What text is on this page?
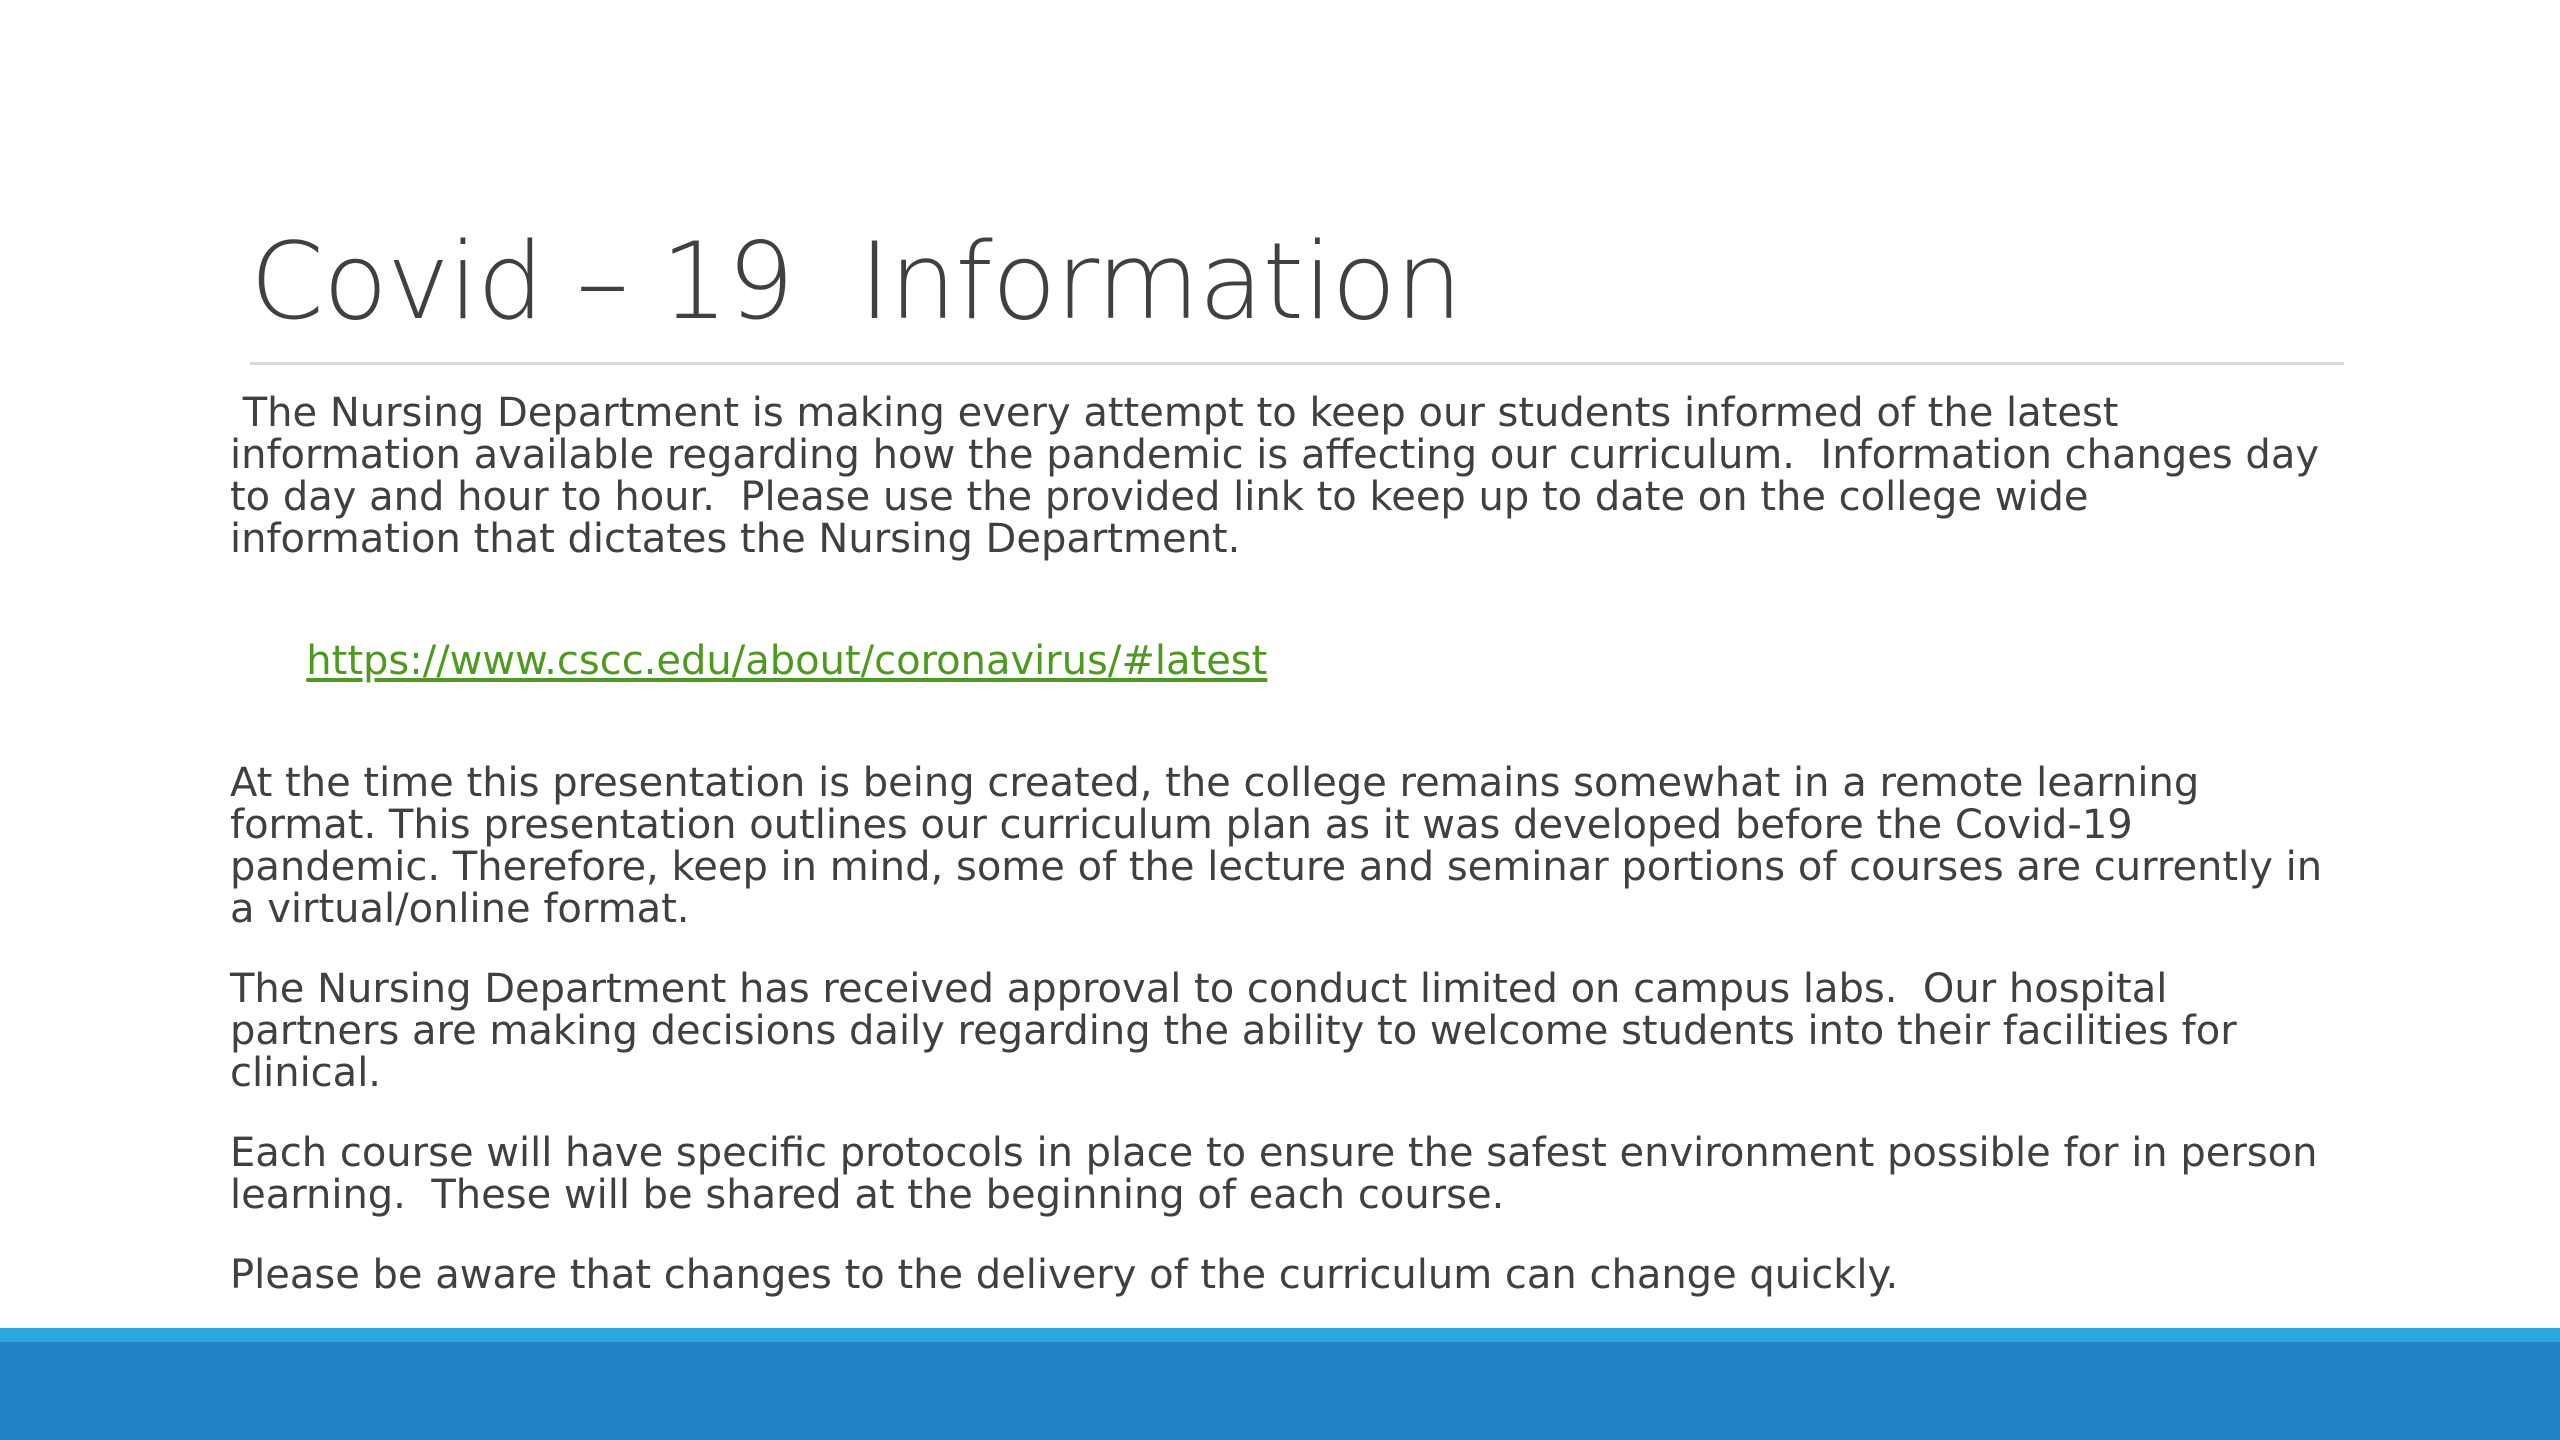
Covid – 19  Information

The Nursing Department is making every attempt to keep our students informed of the latest information available regarding how the pandemic is affecting our curriculum.  Information changes day to day and hour to hour.  Please use the provided link to keep up to date on the college wide information that dictates the Nursing Department.

https://www.cscc.edu/about/coronavirus/#latest

At the time this presentation is being created, the college remains somewhat in a remote learning format. This presentation outlines our curriculum plan as it was developed before the Covid-19 pandemic. Therefore, keep in mind, some of the lecture and seminar portions of courses are currently in a virtual/online format.

The Nursing Department has received approval to conduct limited on campus labs.  Our hospital partners are making decisions daily regarding the ability to welcome students into their facilities for clinical.

Each course will have specific protocols in place to ensure the safest environment possible for in person learning.  These will be shared at the beginning of each course.

Please be aware that changes to the delivery of the curriculum can change quickly.
